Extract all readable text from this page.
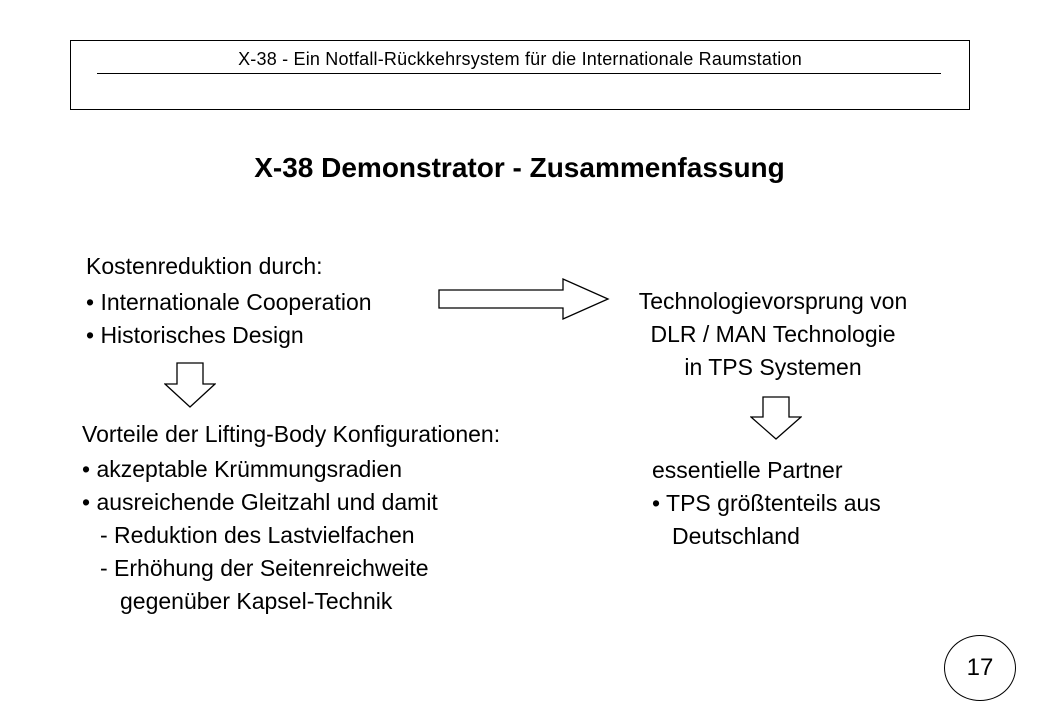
X-38 - Ein Notfall-Rückkehrsystem für die Internationale Raumstation
X-38 Demonstrator - Zusammenfassung
Kostenreduktion durch:
• Internationale Cooperation
• Historisches Design
Technologievorsprung von
DLR / MAN Technologie
in TPS Systemen
Vorteile der Lifting-Body Konfigurationen:
• akzeptable Krümmungsradien
• ausreichende Gleitzahl und damit
- Reduktion des Lastvielfachen
- Erhöhung der Seitenreichweite
gegenüber Kapsel-Technik
essentielle Partner
• TPS größtenteils aus
Deutschland
17
